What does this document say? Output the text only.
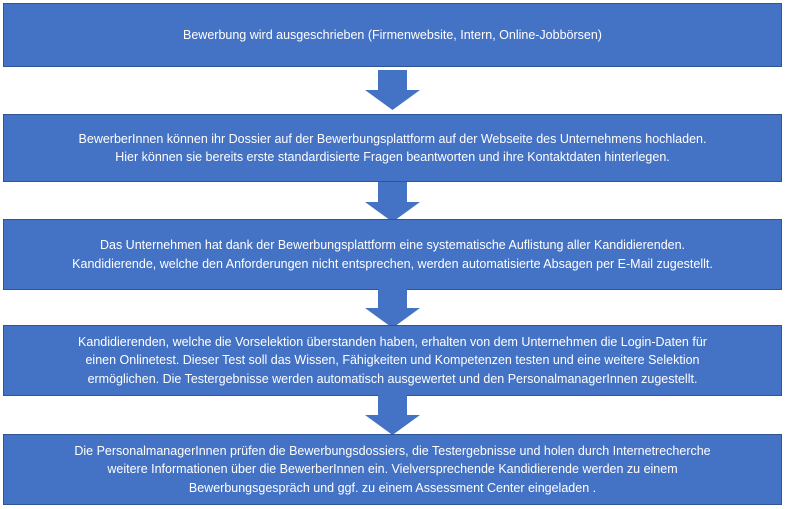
Bewerbung wird ausgeschrieben (Firmenwebsite, Intern, Online-Jobbörsen)
BewerberInnen können ihr Dossier auf der Bewerbungsplattform auf der Webseite des Unternehmens hochladen.
Hier können sie bereits erste standardisierte Fragen beantworten und ihre Kontaktdaten hinterlegen.
Das Unternehmen hat dank der Bewerbungsplattform eine systematische Auflistung aller Kandidierenden.
Kandidierende, welche den Anforderungen nicht entsprechen, werden automatisierte Absagen per E-Mail zugestellt.
Kandidierenden, welche die Vorselektion überstanden haben, erhalten von dem Unternehmen die Login-Daten für
einen Onlinetest. Dieser Test soll das Wissen, Fähigkeiten und Kompetenzen testen und eine weitere Selektion
ermöglichen. Die Testergebnisse werden automatisch ausgewertet und den PersonalmanagerInnen zugestellt.
Die PersonalmanagerInnen prüfen die Bewerbungsdossiers, die Testergebnisse und holen durch Internetrecherche
weitere Informationen über die BewerberInnen ein. Vielversprechende Kandidierende werden zu einem
Bewerbungsgespräch und ggf. zu einem Assessment Center eingeladen .
